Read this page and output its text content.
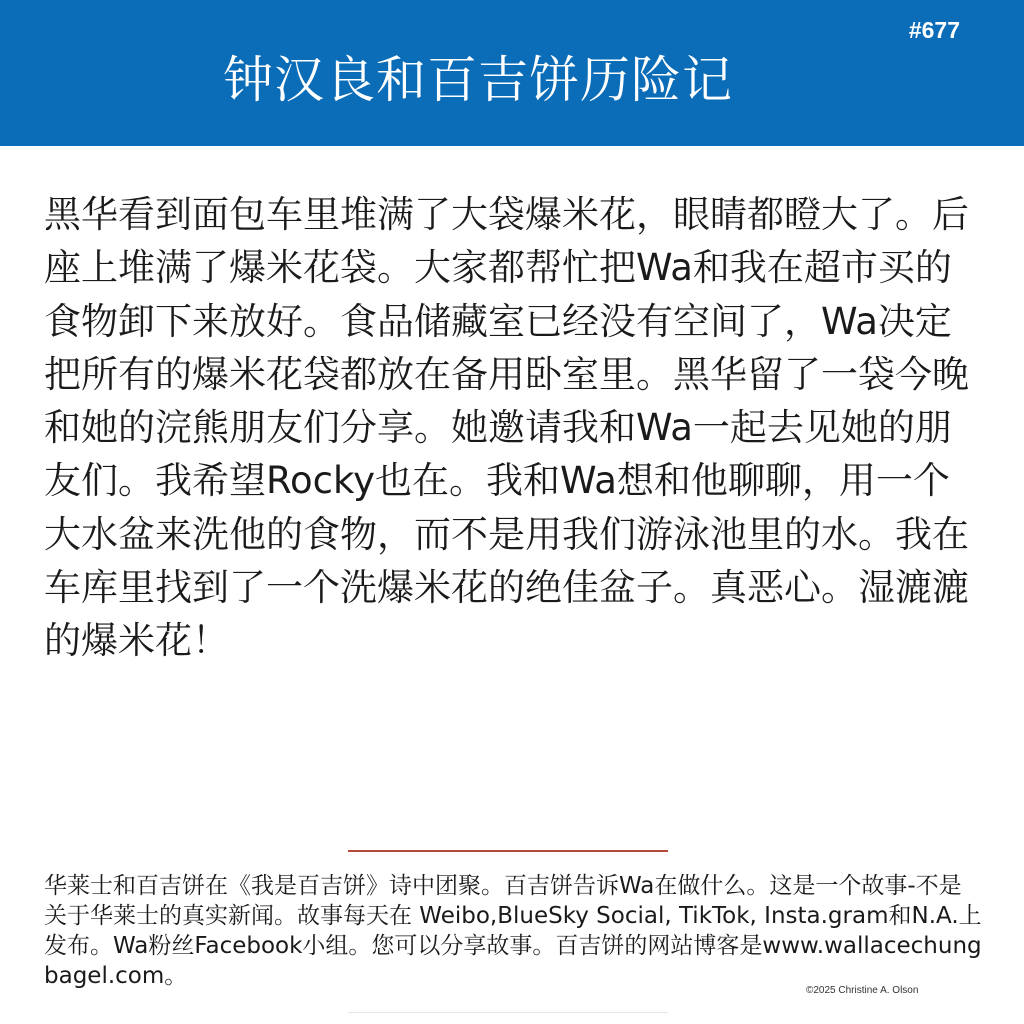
#677
钟汉良和百吉饼历险记

黑华看到面包车里堆满了大袋爆米花，眼睛都瞪大了。后座上堆满了爆米花袋。大家都帮忙把Wa和我在超市买的食物卸下来放好。食品储藏室已经没有空间了，Wa决定把所有的爆米花袋都放在备用卧室里。黑华留了一袋今晚和她的浣熊朋友们分享。她邀请我和Wa一起去见她的朋友们。我希望Rocky也在。我和Wa想和他聊聊，用一个大水盆来洗他的食物，而不是用我们游泳池里的水。我在车库里找到了一个洗爆米花的绝佳盆子。真恶心。湿漉漉的爆米花！

华莱士和百吉饼在《我是百吉饼》诗中团聚。百吉饼告诉Wa在做什么。这是一个故事-不是关于华莱士的真实新闻。故事每天在 Weibo,BlueSky Social, TikTok, Insta.gram和N.A.上发布。Wa粉丝Facebook小组。您可以分享故事。百吉饼的网站博客是www.wallacechungbagel.com。

©2025 Christine A. Olson
